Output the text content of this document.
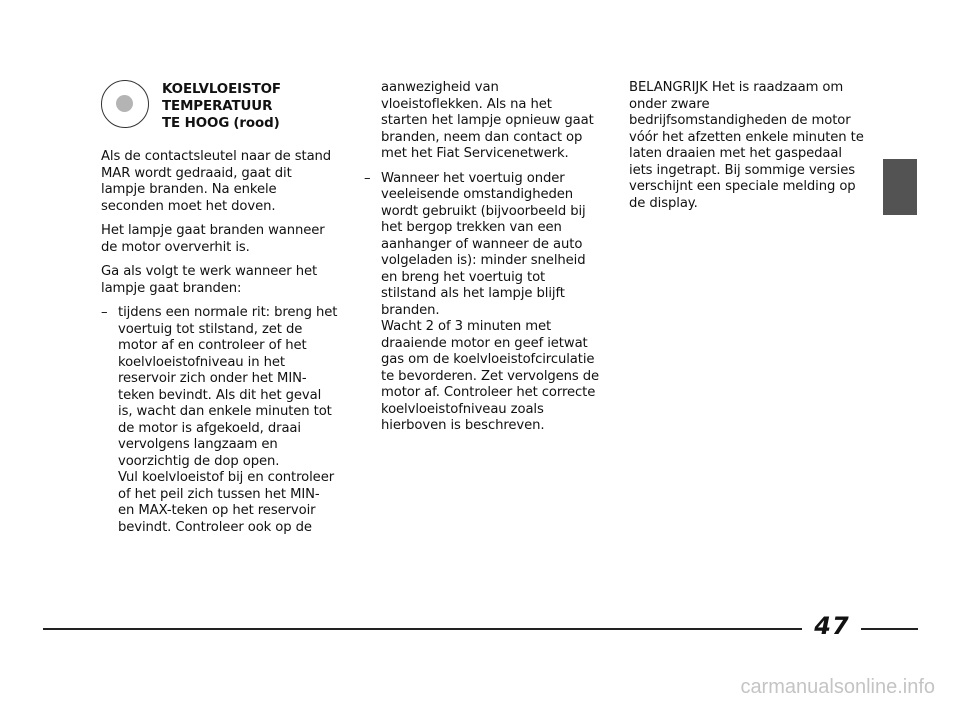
KOELVLOEISTOF
TEMPERATUUR
TE HOOG (rood)

Als de contactsleutel naar de stand MAR wordt gedraaid, gaat dit lampje branden. Na enkele seconden moet het doven.

Het lampje gaat branden wanneer de motor oververhit is.

Ga als volgt te werk wanneer het lampje gaat branden:

– tijdens een normale rit: breng het voertuig tot stilstand, zet de motor af en controleer of het koelvloeistofniveau in het reservoir zich onder het MIN-teken bevindt. Als dit het geval is, wacht dan enkele minuten tot de motor is afgekoeld, draai vervolgens langzaam en voorzichtig de dop open.
Vul koelvloeistof bij en controleer of het peil zich tussen het MIN- en MAX-teken op het reservoir bevindt. Controleer ook op de
aanwezigheid van vloeistoflekken. Als na het starten het lampje opnieuw gaat branden, neem dan contact op met het Fiat Servicenetwerk.
– Wanneer het voertuig onder veeleisende omstandigheden wordt gebruikt (bijvoorbeeld bij het bergop trekken van een aanhanger of wanneer de auto volgeladen is): minder snelheid en breng het voertuig tot stilstand als het lampje blijft branden.
Wacht 2 of 3 minuten met draaiende motor en geef ietwat gas om de koelvloeistofcirculatie te bevorderen. Zet vervolgens de motor af. Controleer het correcte koelvloeistofniveau zoals hierboven is beschreven.

BELANGRIJK Het is raadzaam om onder zware bedrijfsomstandigheden de motor vóór het afzetten enkele minuten te laten draaien met het gaspedaal iets ingetrapt. Bij sommige versies verschijnt een speciale melding op de display.

47
carmanualsonline.info
